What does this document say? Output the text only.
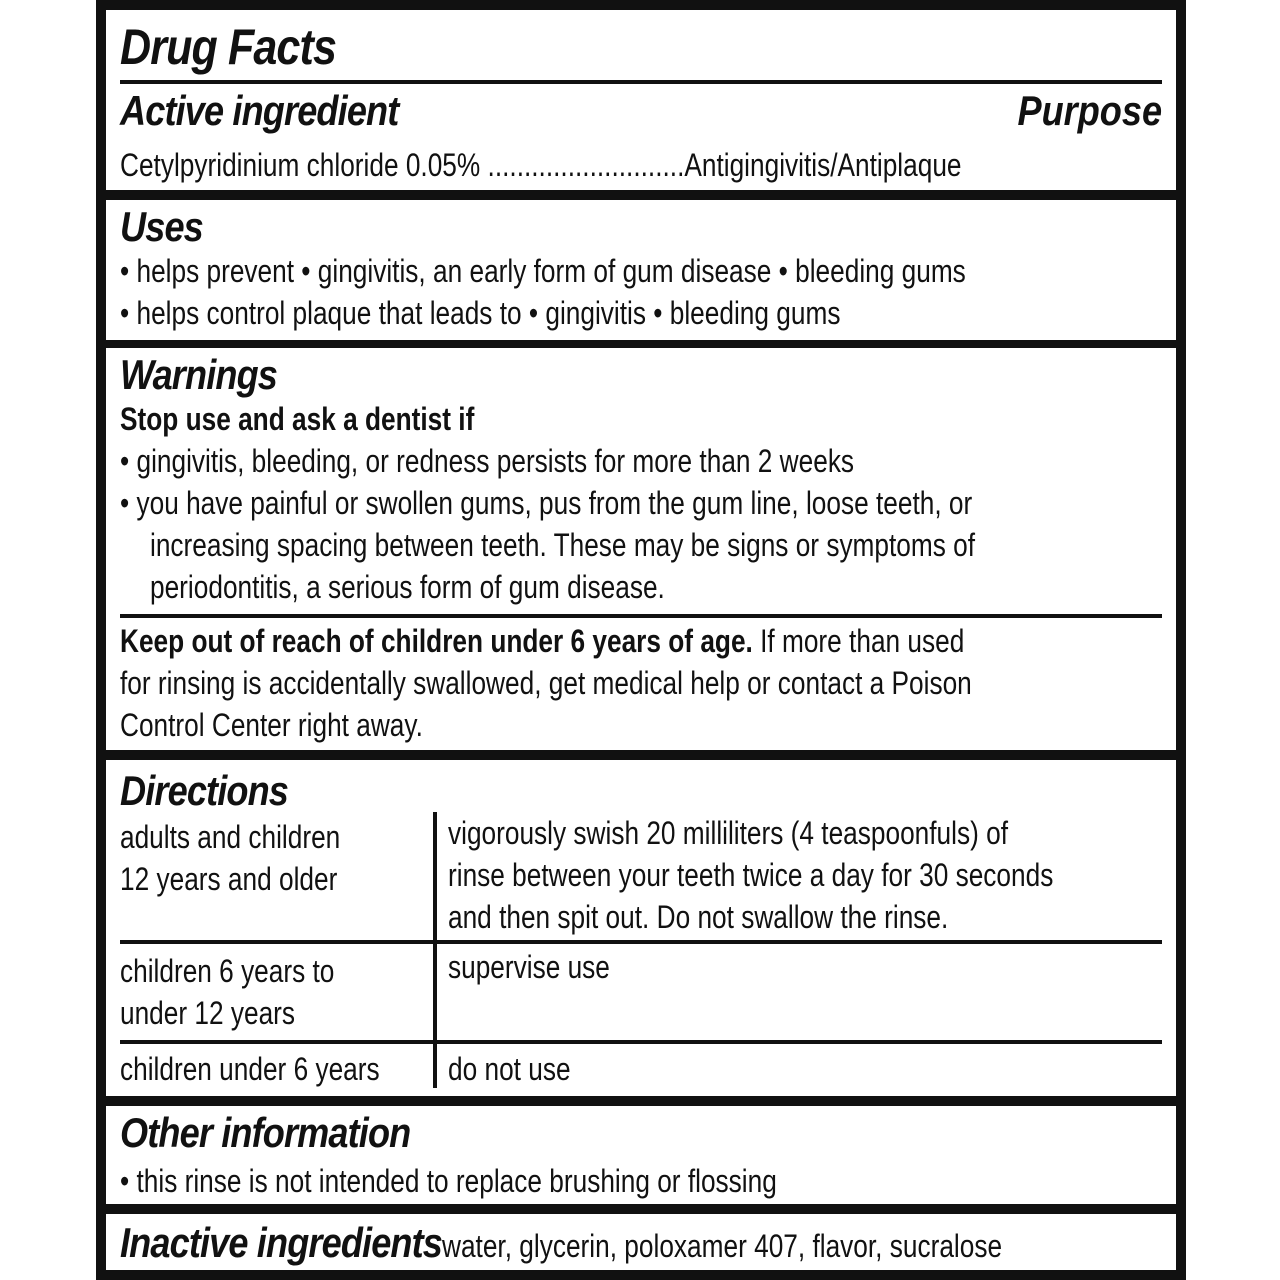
Drug Facts
Active ingredient	Purpose
Cetylpyridinium chloride 0.05% ...........................Antigingivitis/Antiplaque
Uses
• helps prevent • gingivitis, an early form of gum disease • bleeding gums
• helps control plaque that leads to • gingivitis • bleeding gums
Warnings
Stop use and ask a dentist if
• gingivitis, bleeding, or redness persists for more than 2 weeks
• you have painful or swollen gums, pus from the gum line, loose teeth, or
increasing spacing between teeth. These may be signs or symptoms of
periodontitis, a serious form of gum disease.
Keep out of reach of children under 6 years of age. If more than used
for rinsing is accidentally swallowed, get medical help or contact a Poison
Control Center right away.
Directions
adults and children
12 years and older
vigorously swish 20 milliliters (4 teaspoonfuls) of
rinse between your teeth twice a day for 30 seconds
and then spit out. Do not swallow the rinse.
children 6 years to
under 12 years
supervise use
children under 6 years do not use
Other information
• this rinse is not intended to replace brushing or flossing
Inactive ingredientswater, glycerin, poloxamer 407, flavor, sucralose
